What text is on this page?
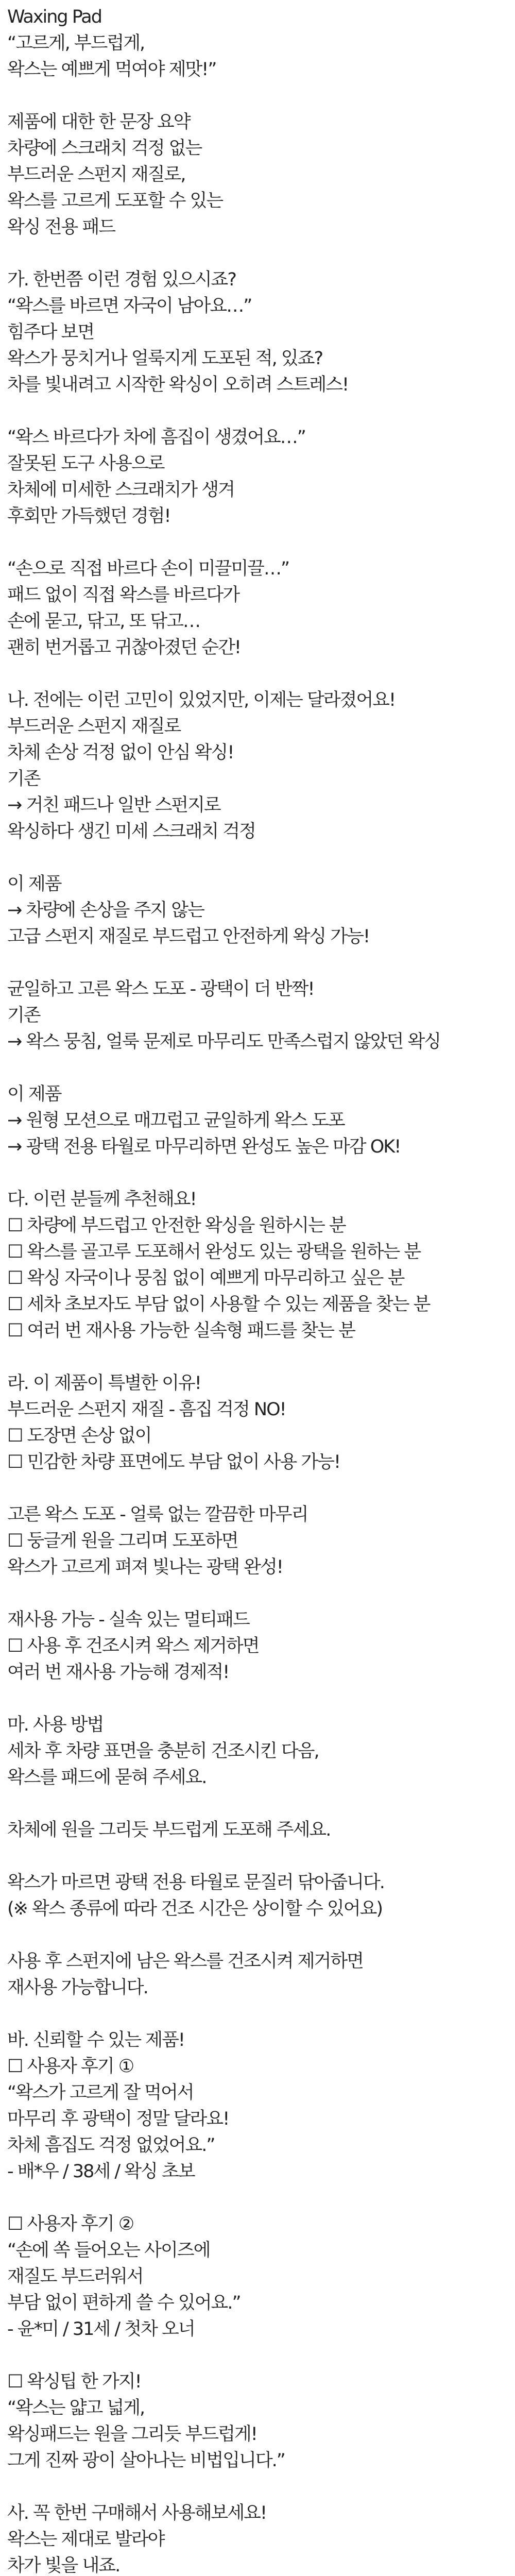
Waxing Pad
“고르게, 부드럽게,
왁스는 예쁘게 먹여야 제맛!”
제품에 대한 한 문장 요약
차량에 스크래치 걱정 없는
부드러운 스펀지 재질로,
왁스를 고르게 도포할 수 있는
왁싱 전용 패드
가. 한번쯤 이런 경험 있으시죠?
“왁스를 바르면 자국이 남아요…”
힘주다 보면
왁스가 뭉치거나 얼룩지게 도포된 적, 있죠?
차를 빛내려고 시작한 왁싱이 오히려 스트레스!
“왁스 바르다가 차에 흠집이 생겼어요…”
잘못된 도구 사용으로
차체에 미세한 스크래치가 생겨
후회만 가득했던 경험!
“손으로 직접 바르다 손이 미끌미끌…”
패드 없이 직접 왁스를 바르다가
손에 묻고, 닦고, 또 닦고…
괜히 번거롭고 귀찮아졌던 순간!
나. 전에는 이런 고민이 있었지만, 이제는 달라졌어요!
부드러운 스펀지 재질로
차체 손상 걱정 없이 안심 왁싱!
기존
→ 거친 패드나 일반 스펀지로
왁싱하다 생긴 미세 스크래치 걱정
이 제품
→ 차량에 손상을 주지 않는
고급 스펀지 재질로 부드럽고 안전하게 왁싱 가능!
균일하고 고른 왁스 도포 - 광택이 더 반짝!
기존
→ 왁스 뭉침, 얼룩 문제로 마무리도 만족스럽지 않았던 왁싱
이 제품
→ 원형 모션으로 매끄럽고 균일하게 왁스 도포
→ 광택 전용 타월로 마무리하면 완성도 높은 마감 OK!
다. 이런 분들께 추천해요!
☐ 차량에 부드럽고 안전한 왁싱을 원하시는 분
☐ 왁스를 골고루 도포해서 완성도 있는 광택을 원하는 분
☐ 왁싱 자국이나 뭉침 없이 예쁘게 마무리하고 싶은 분
☐ 세차 초보자도 부담 없이 사용할 수 있는 제품을 찾는 분
☐ 여러 번 재사용 가능한 실속형 패드를 찾는 분
라. 이 제품이 특별한 이유!
부드러운 스펀지 재질 - 흠집 걱정 NO!
☐ 도장면 손상 없이
☐ 민감한 차량 표면에도 부담 없이 사용 가능!
고른 왁스 도포 - 얼룩 없는 깔끔한 마무리
☐ 둥글게 원을 그리며 도포하면
왁스가 고르게 펴져 빛나는 광택 완성!
재사용 가능 - 실속 있는 멀티패드
☐ 사용 후 건조시켜 왁스 제거하면
여러 번 재사용 가능해 경제적!
마. 사용 방법
세차 후 차량 표면을 충분히 건조시킨 다음,
왁스를 패드에 묻혀 주세요.
차체에 원을 그리듯 부드럽게 도포해 주세요.
왁스가 마르면 광택 전용 타월로 문질러 닦아줍니다.
(※ 왁스 종류에 따라 건조 시간은 상이할 수 있어요)
사용 후 스펀지에 남은 왁스를 건조시켜 제거하면
재사용 가능합니다.
바. 신뢰할 수 있는 제품!
☐ 사용자 후기 ①
“왁스가 고르게 잘 먹어서
마무리 후 광택이 정말 달라요!
차체 흠집도 걱정 없었어요.”
- 배*우 / 38세 / 왁싱 초보
☐ 사용자 후기 ②
“손에 쏙 들어오는 사이즈에
재질도 부드러워서
부담 없이 편하게 쓸 수 있어요.”
- 윤*미 / 31세 / 첫차 오너
☐ 왁싱팁 한 가지!
“왁스는 얇고 넓게,
왁싱패드는 원을 그리듯 부드럽게!
그게 진짜 광이 살아나는 비법입니다.”
사. 꼭 한번 구매해서 사용해보세요!
왁스는 제대로 발라야
차가 빛을 내죠.
